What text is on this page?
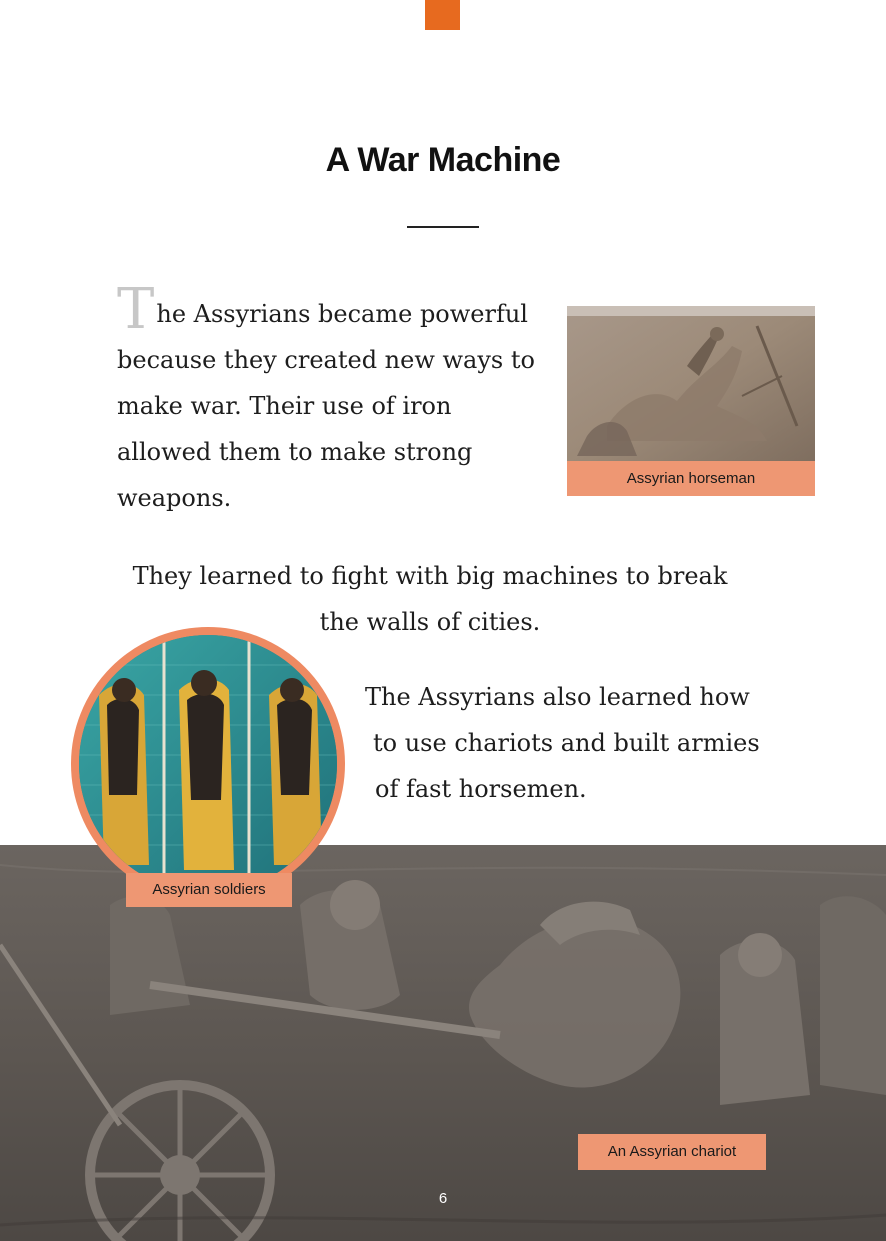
A War Machine

The Assyrians became powerful because they created new ways to make war. Their use of iron allowed them to make strong weapons.

Assyrian horseman

They learned to fight with big machines to break the walls of cities.

The Assyrians also learned how
to use chariots and built armies
of fast horsemen.

Assyrian soldiers
An Assyrian chariot
6
